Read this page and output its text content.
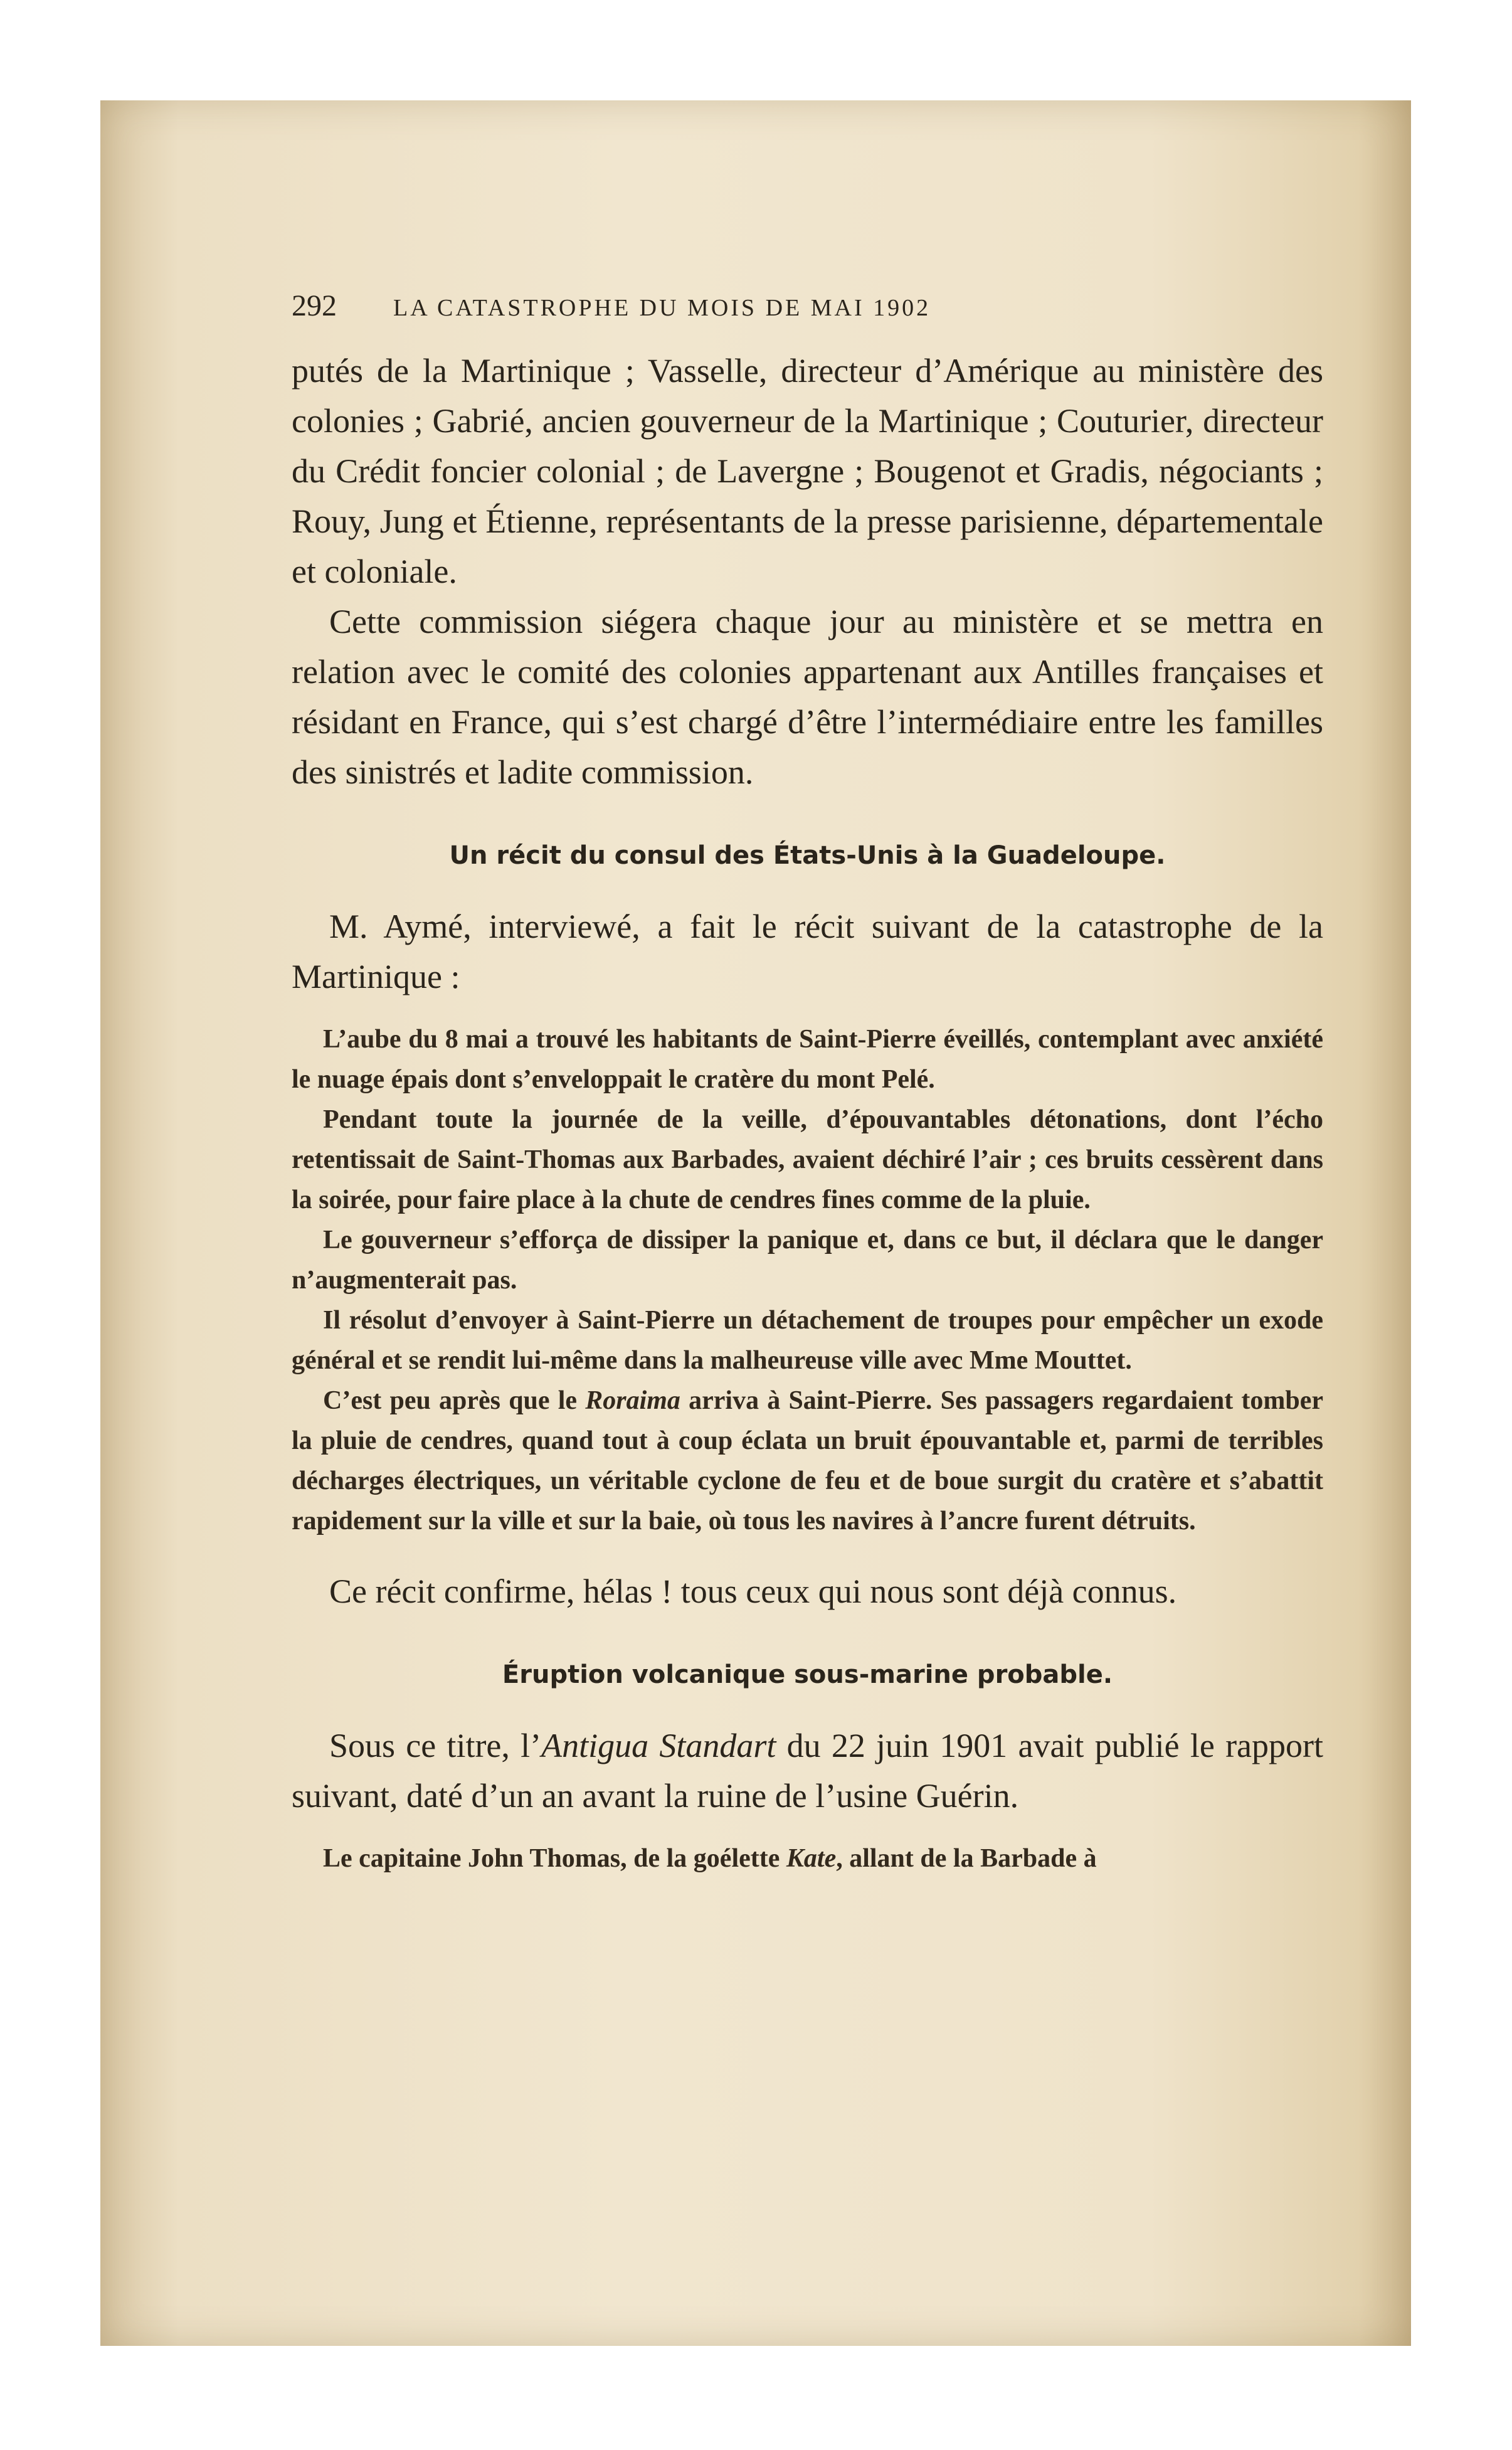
292 LA CATASTROPHE DU MOIS DE MAI 1902

putés de la Martinique ; Vasselle, directeur d’Amérique au ministère des colonies ; Gabrié, ancien gouverneur de la Martinique ; Couturier, directeur du Crédit foncier colonial ; de Lavergne ; Bougenot et Gradis, négociants ; Rouy, Jung et Étienne, représentants de la presse parisienne, départementale et coloniale.

Cette commission siégera chaque jour au ministère et se mettra en relation avec le comité des colonies appartenant aux Antilles françaises et résidant en France, qui s’est chargé d’être l’intermédiaire entre les familles des sinistrés et ladite commission.

Un récit du consul des États-Unis à la Guadeloupe.

M. Aymé, interviewé, a fait le récit suivant de la catastrophe de la Martinique :

L’aube du 8 mai a trouvé les habitants de Saint-Pierre éveillés, contemplant avec anxiété le nuage épais dont s’enveloppait le cratère du mont Pelé.

Pendant toute la journée de la veille, d’épouvantables détonations, dont l’écho retentissait de Saint-Thomas aux Barbades, avaient déchiré l’air ; ces bruits cessèrent dans la soirée, pour faire place à la chute de cendres fines comme de la pluie.

Le gouverneur s’efforça de dissiper la panique et, dans ce but, il déclara que le danger n’augmenterait pas.

Il résolut d’envoyer à Saint-Pierre un détachement de troupes pour empêcher un exode général et se rendit lui-même dans la malheureuse ville avec Mme Mouttet.

C’est peu après que le Roraima arriva à Saint-Pierre. Ses passagers regardaient tomber la pluie de cendres, quand tout à coup éclata un bruit épouvantable et, parmi de terribles décharges électriques, un véritable cyclone de feu et de boue surgit du cratère et s’abattit rapidement sur la ville et sur la baie, où tous les navires à l’ancre furent détruits.

Ce récit confirme, hélas ! tous ceux qui nous sont déjà connus.

Éruption volcanique sous-marine probable.

Sous ce titre, l’Antigua Standart du 22 juin 1901 avait publié le rapport suivant, daté d’un an avant la ruine de l’usine Guérin.

Le capitaine John Thomas, de la goélette Kate, allant de la Barbade à
